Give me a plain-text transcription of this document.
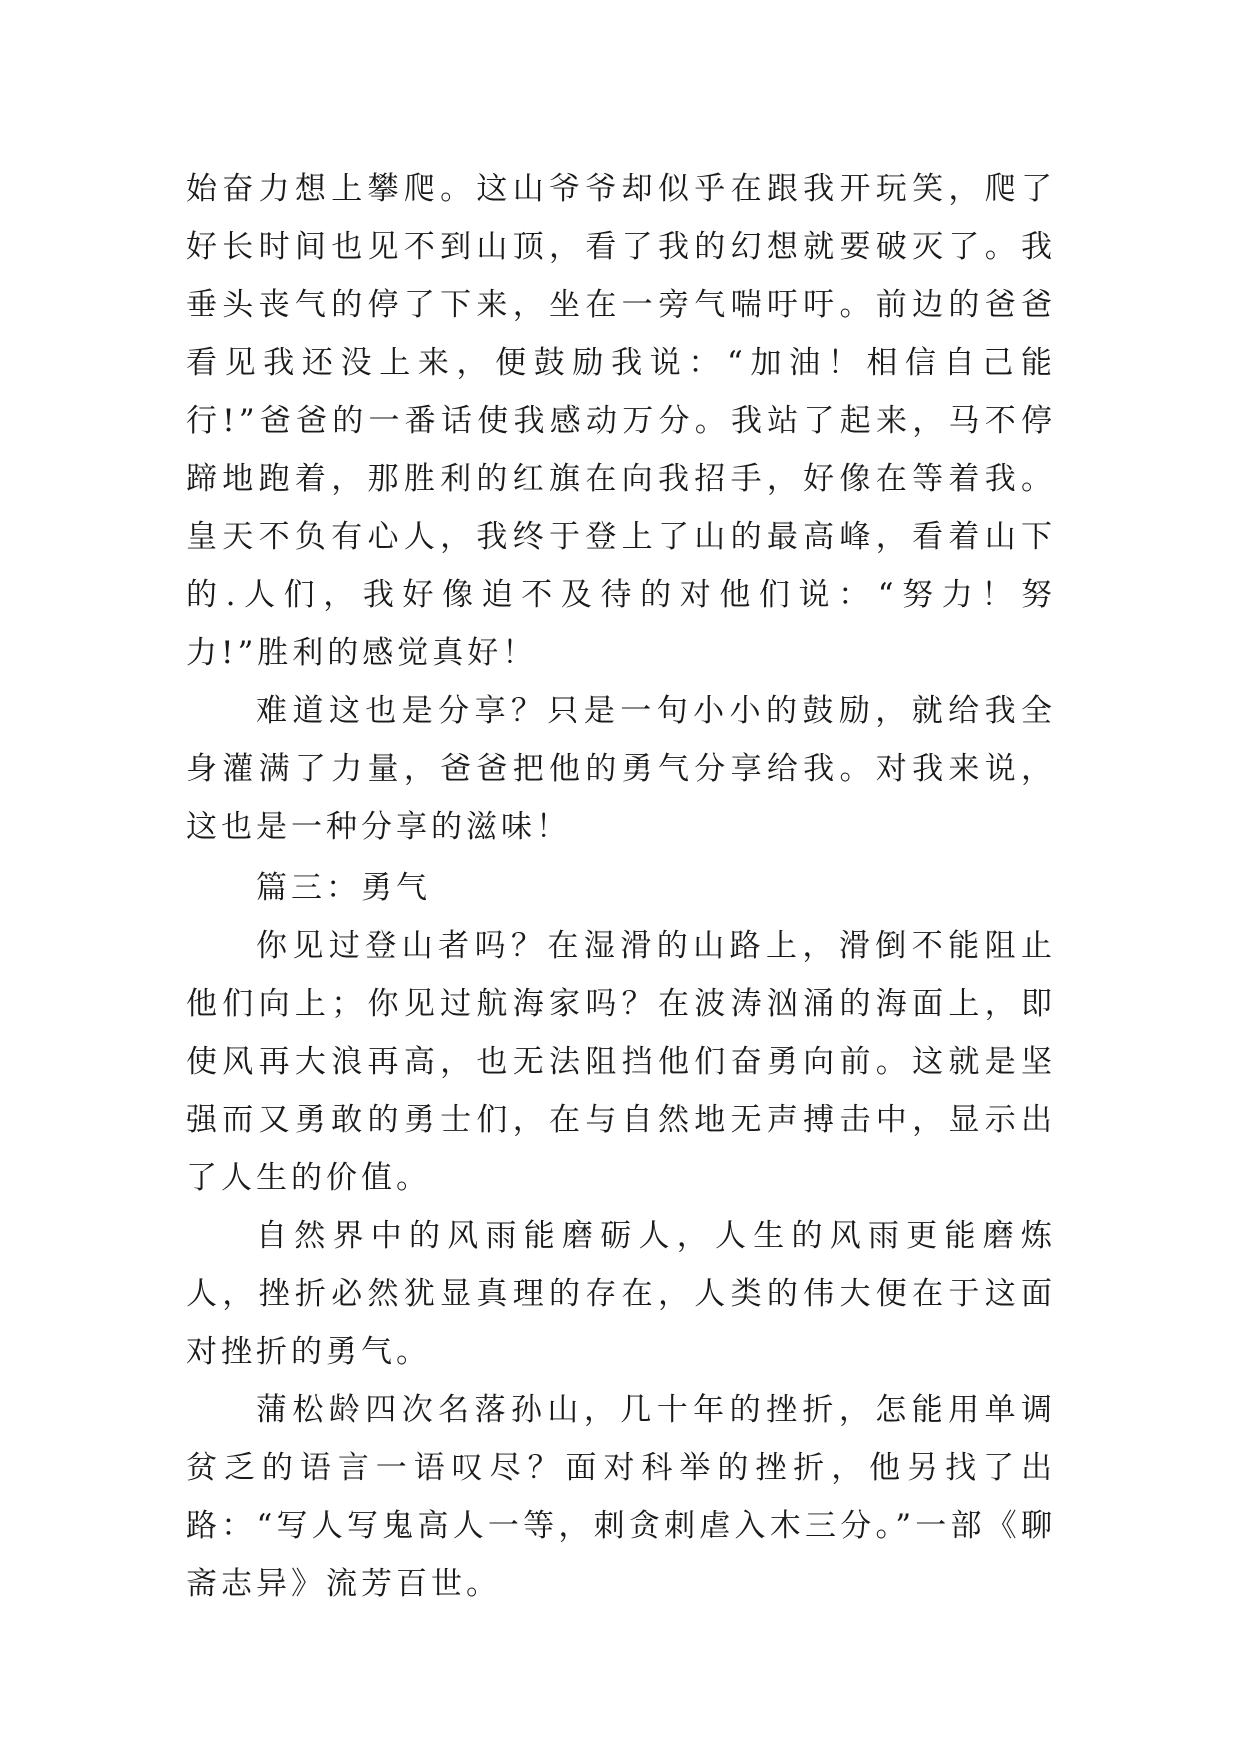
始奋力想上攀爬。这山爷爷却似乎在跟我开玩笑，爬了好长时间也见不到山顶，看了我的幻想就要破灭了。我垂头丧气的停了下来，坐在一旁气喘吁吁。前边的爸爸看见我还没上来，便鼓励我说：“加油！相信自己能行!”爸爸的一番话使我感动万分。我站了起来，马不停蹄地跑着，那胜利的红旗在向我招手，好像在等着我。皇天不负有心人，我终于登上了山的最高峰，看着山下的.人们，我好像迫不及待的对他们说：“努力！努力!”胜利的感觉真好！

难道这也是分享？只是一句小小的鼓励，就给我全身灌满了力量，爸爸把他的勇气分享给我。对我来说，这也是一种分享的滋味！

篇三：勇气

你见过登山者吗？在湿滑的山路上，滑倒不能阻止他们向上；你见过航海家吗？在波涛汹涌的海面上，即使风再大浪再高，也无法阻挡他们奋勇向前。这就是坚强而又勇敢的勇士们，在与自然地无声搏击中，显示出了人生的价值。

自然界中的风雨能磨砺人，人生的风雨更能磨炼人，挫折必然犹显真理的存在，人类的伟大便在于这面对挫折的勇气。

蒲松龄四次名落孙山，几十年的挫折，怎能用单调贫乏的语言一语叹尽？面对科举的挫折，他另找了出路：“写人写鬼高人一等，刺贪刺虐入木三分。”一部《聊斋志异》流芳百世。
